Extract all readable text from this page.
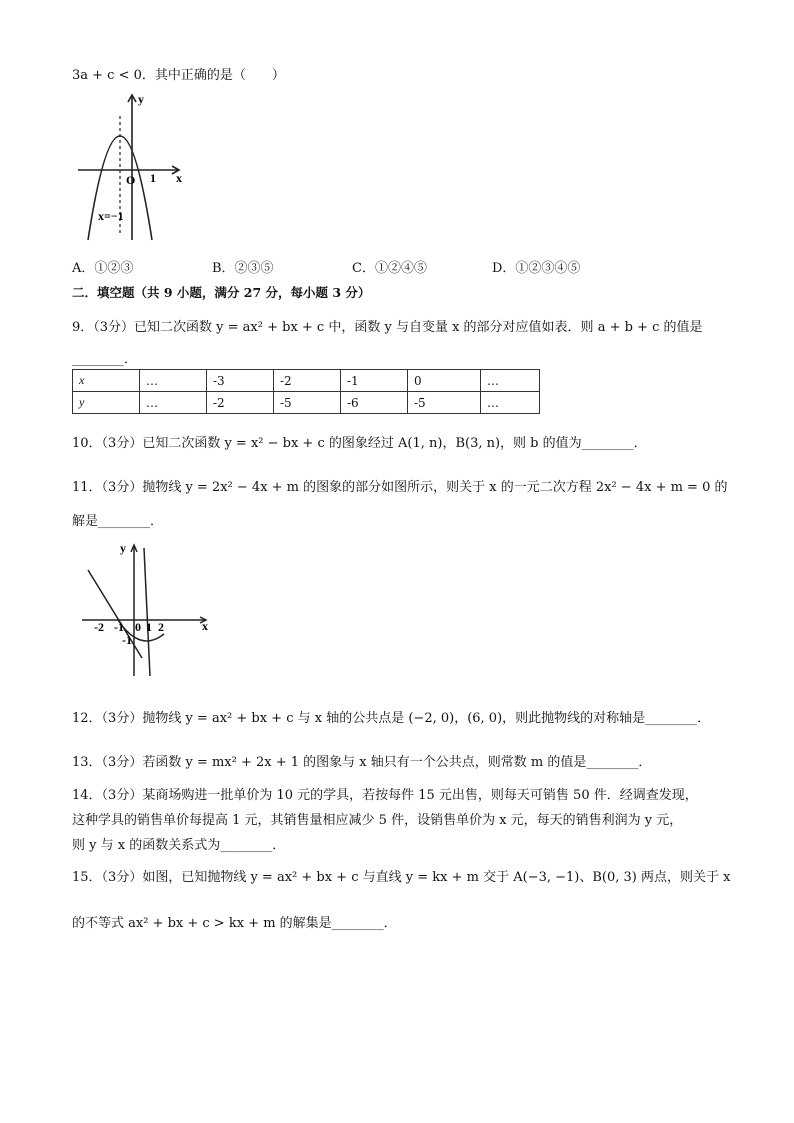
3a + c < 0．其中正确的是（　　）
y
x
O 1
x=−1
A．①②③	B．②③⑤	C．①②④⑤	D．①②③④⑤
二．填空题（共 9 小题，满分 27 分，每小题 3 分）
9．（3分）已知二次函数 y = ax² + bx + c 中，函数 y 与自变量 x 的部分对应值如表．则 a + b + c 的值是
________．
x	…	-3	-2	-1	0	…
y	…	-2	-5	-6	-5	…
10．（3分）已知二次函数 y = x² − bx + c 的图象经过 A(1, n)，B(3, n)，则 b 的值为________．
11．（3分）抛物线 y = 2x² − 4x + m 的图象的部分如图所示，则关于 x 的一元二次方程 2x² − 4x + m = 0 的
解是________．
y
x
-2 -1 0 1 2
-1
12．（3分）抛物线 y = ax² + bx + c 与 x 轴的公共点是 (−2, 0)，(6, 0)，则此抛物线的对称轴是________．
13．（3分）若函数 y = mx² + 2x + 1 的图象与 x 轴只有一个公共点，则常数 m 的值是________．
14．（3分）某商场购进一批单价为 10 元的学具，若按每件 15 元出售，则每天可销售 50 件．经调查发现，
这种学具的销售单价每提高 1 元，其销售量相应减少 5 件，设销售单价为 x 元，每天的销售利润为 y 元，
则 y 与 x 的函数关系式为________．
15．（3分）如图，已知抛物线 y = ax² + bx + c 与直线 y = kx + m 交于 A(−3, −1)、B(0, 3) 两点，则关于 x
的不等式 ax² + bx + c > kx + m 的解集是________．
